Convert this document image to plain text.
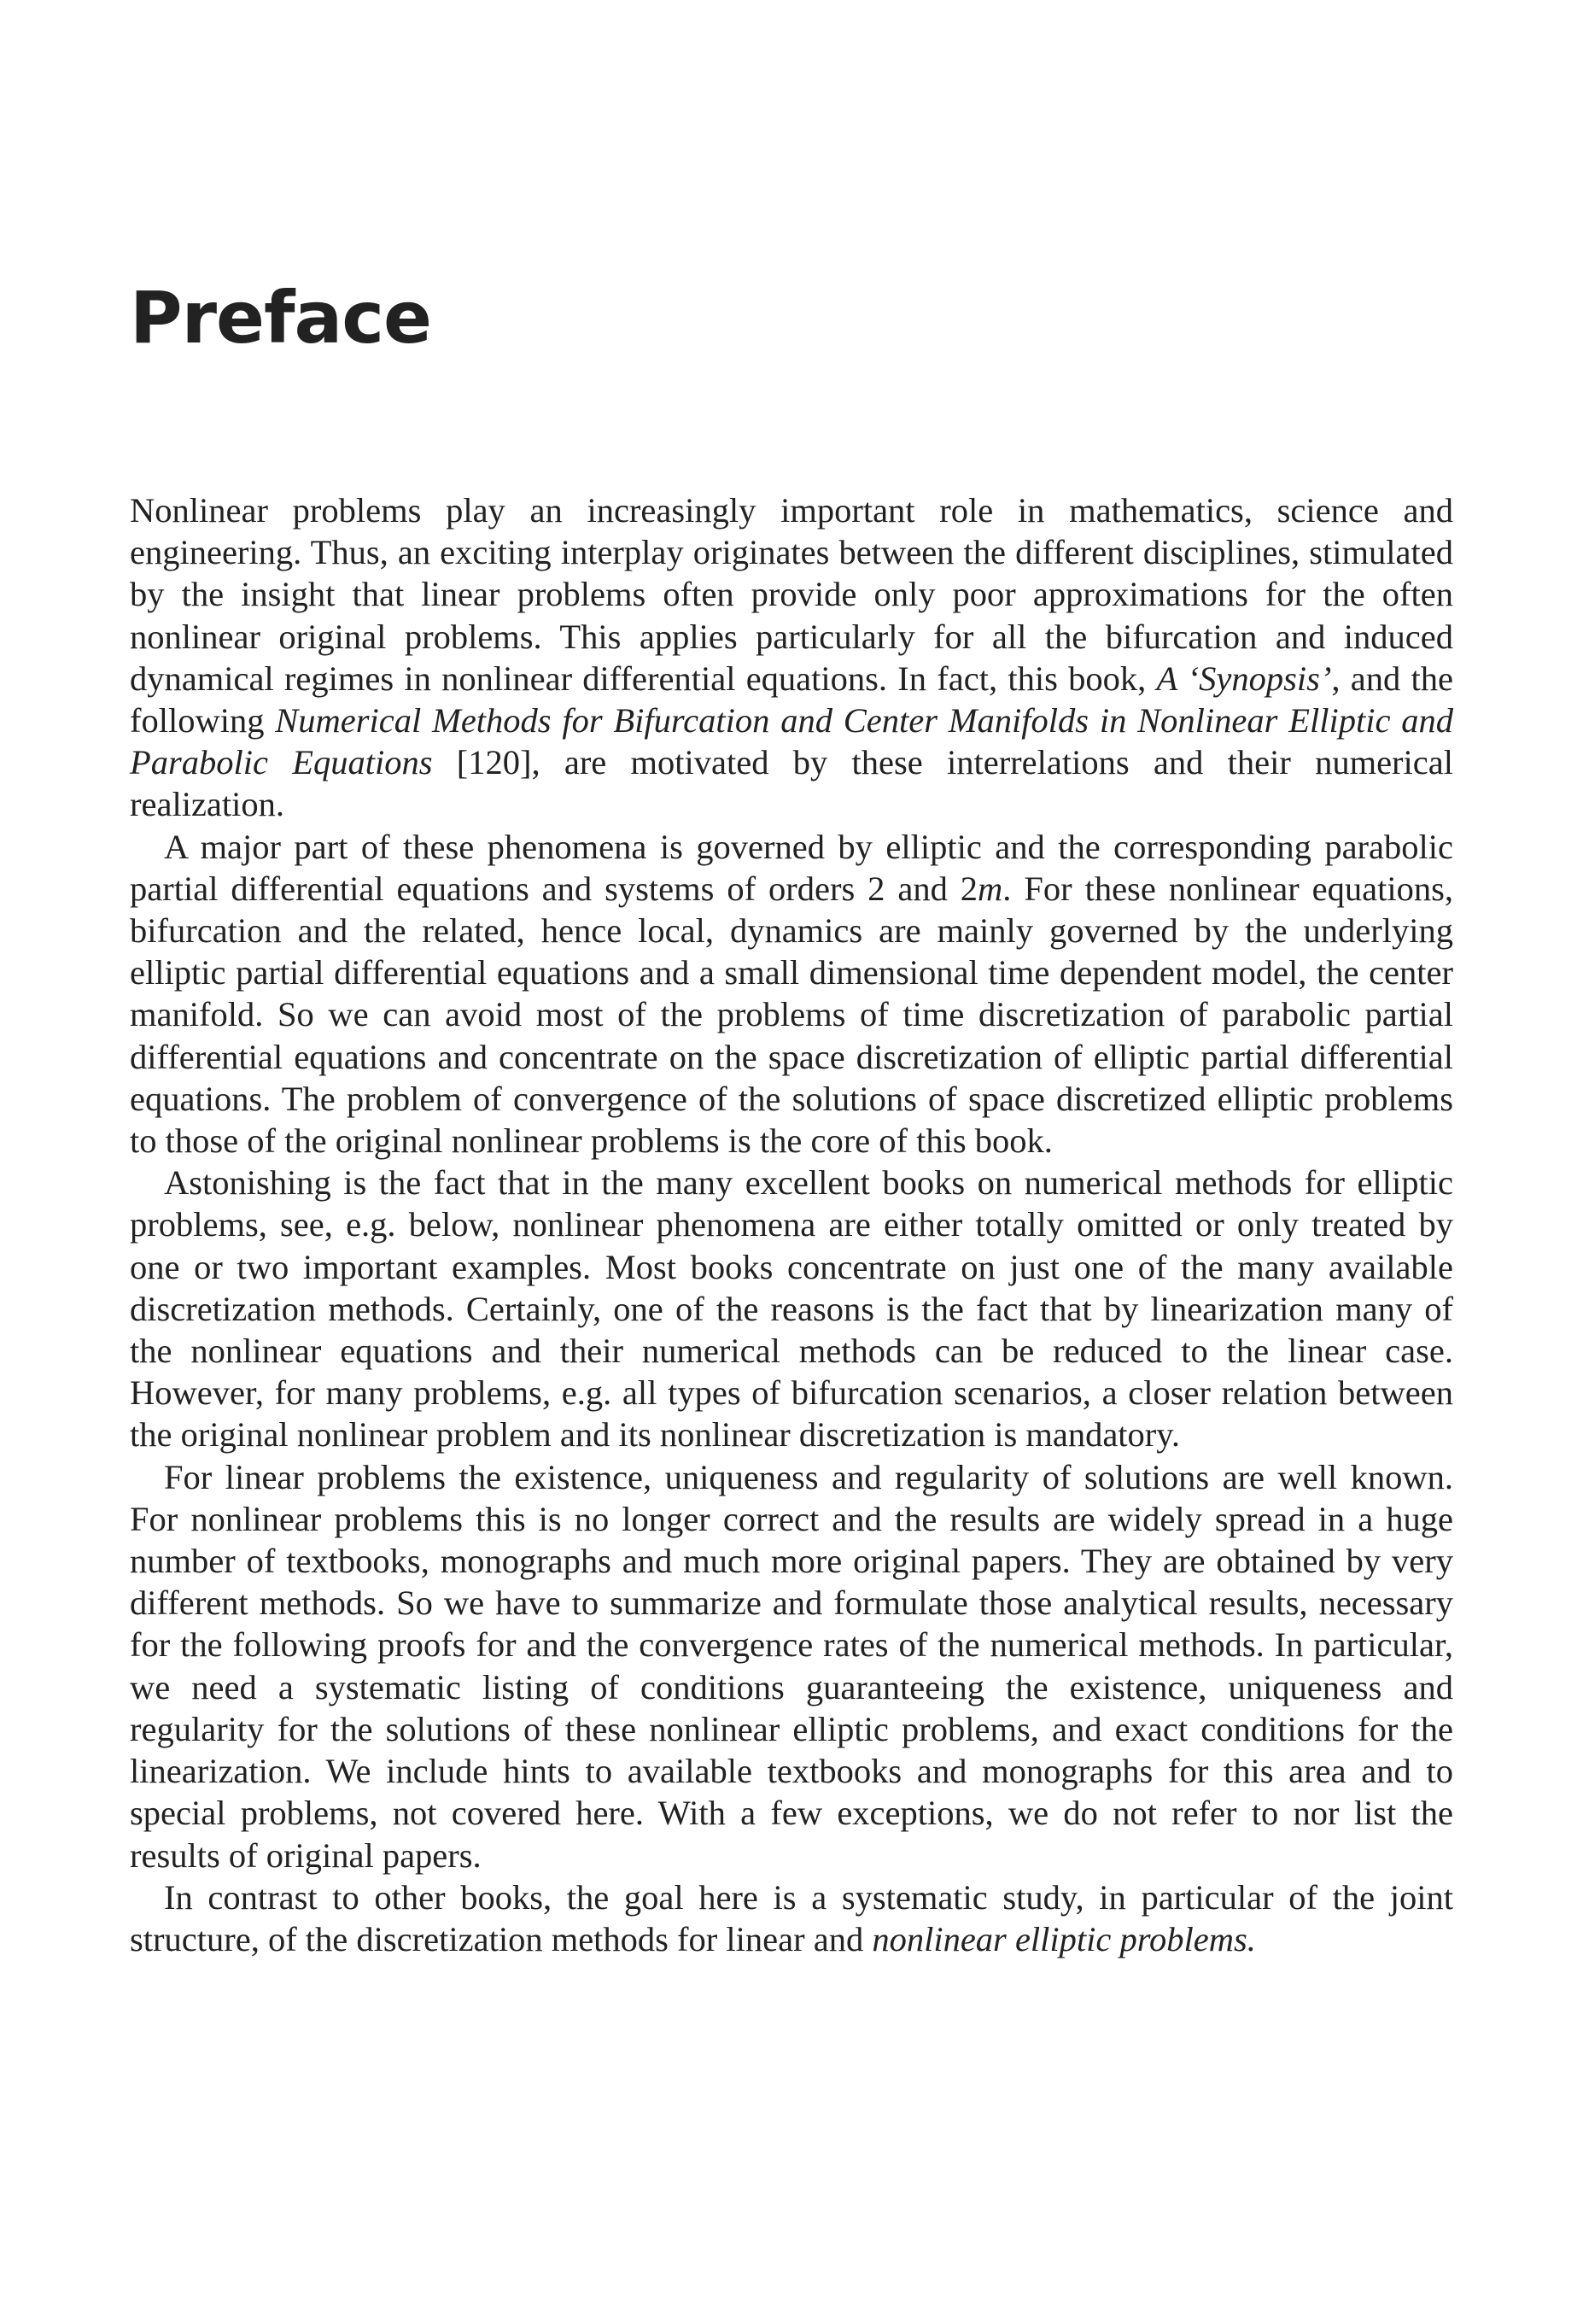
Preface

Nonlinear problems play an increasingly important role in mathematics, science and engineering. Thus, an exciting interplay originates between the different disciplines, stimulated by the insight that linear problems often provide only poor approximations for the often nonlinear original problems. This applies particularly for all the bifurcation and induced dynamical regimes in nonlinear differential equations. In fact, this book, A ‘Synopsis’, and the following Numerical Methods for Bifurcation and Center Manifolds in Nonlinear Elliptic and Parabolic Equations [120], are motivated by these interrelations and their numerical realization.

A major part of these phenomena is governed by elliptic and the corresponding parabolic partial differential equations and systems of orders 2 and 2m. For these nonlinear equations, bifurcation and the related, hence local, dynamics are mainly governed by the underlying elliptic partial differential equations and a small dimensional time dependent model, the center manifold. So we can avoid most of the problems of time discretization of parabolic partial differential equations and concentrate on the space discretization of elliptic partial differential equations. The problem of convergence of the solutions of space discretized elliptic problems to those of the original nonlinear problems is the core of this book.

Astonishing is the fact that in the many excellent books on numerical methods for elliptic problems, see, e.g. below, nonlinear phenomena are either totally omitted or only treated by one or two important examples. Most books concentrate on just one of the many available discretization methods. Certainly, one of the reasons is the fact that by linearization many of the nonlinear equations and their numerical methods can be reduced to the linear case. However, for many problems, e.g. all types of bifurcation scenarios, a closer relation between the original nonlinear problem and its nonlinear discretization is mandatory.

For linear problems the existence, uniqueness and regularity of solutions are well known. For nonlinear problems this is no longer correct and the results are widely spread in a huge number of textbooks, monographs and much more original papers. They are obtained by very different methods. So we have to summarize and formulate those analytical results, necessary for the following proofs for and the convergence rates of the numerical methods. In particular, we need a systematic listing of conditions guaranteeing the existence, uniqueness and regularity for the solutions of these nonlinear elliptic problems, and exact conditions for the linearization. We include hints to available textbooks and monographs for this area and to special problems, not covered here. With a few exceptions, we do not refer to nor list the results of original papers.

In contrast to other books, the goal here is a systematic study, in particular of the joint structure, of the discretization methods for linear and nonlinear elliptic problems.
